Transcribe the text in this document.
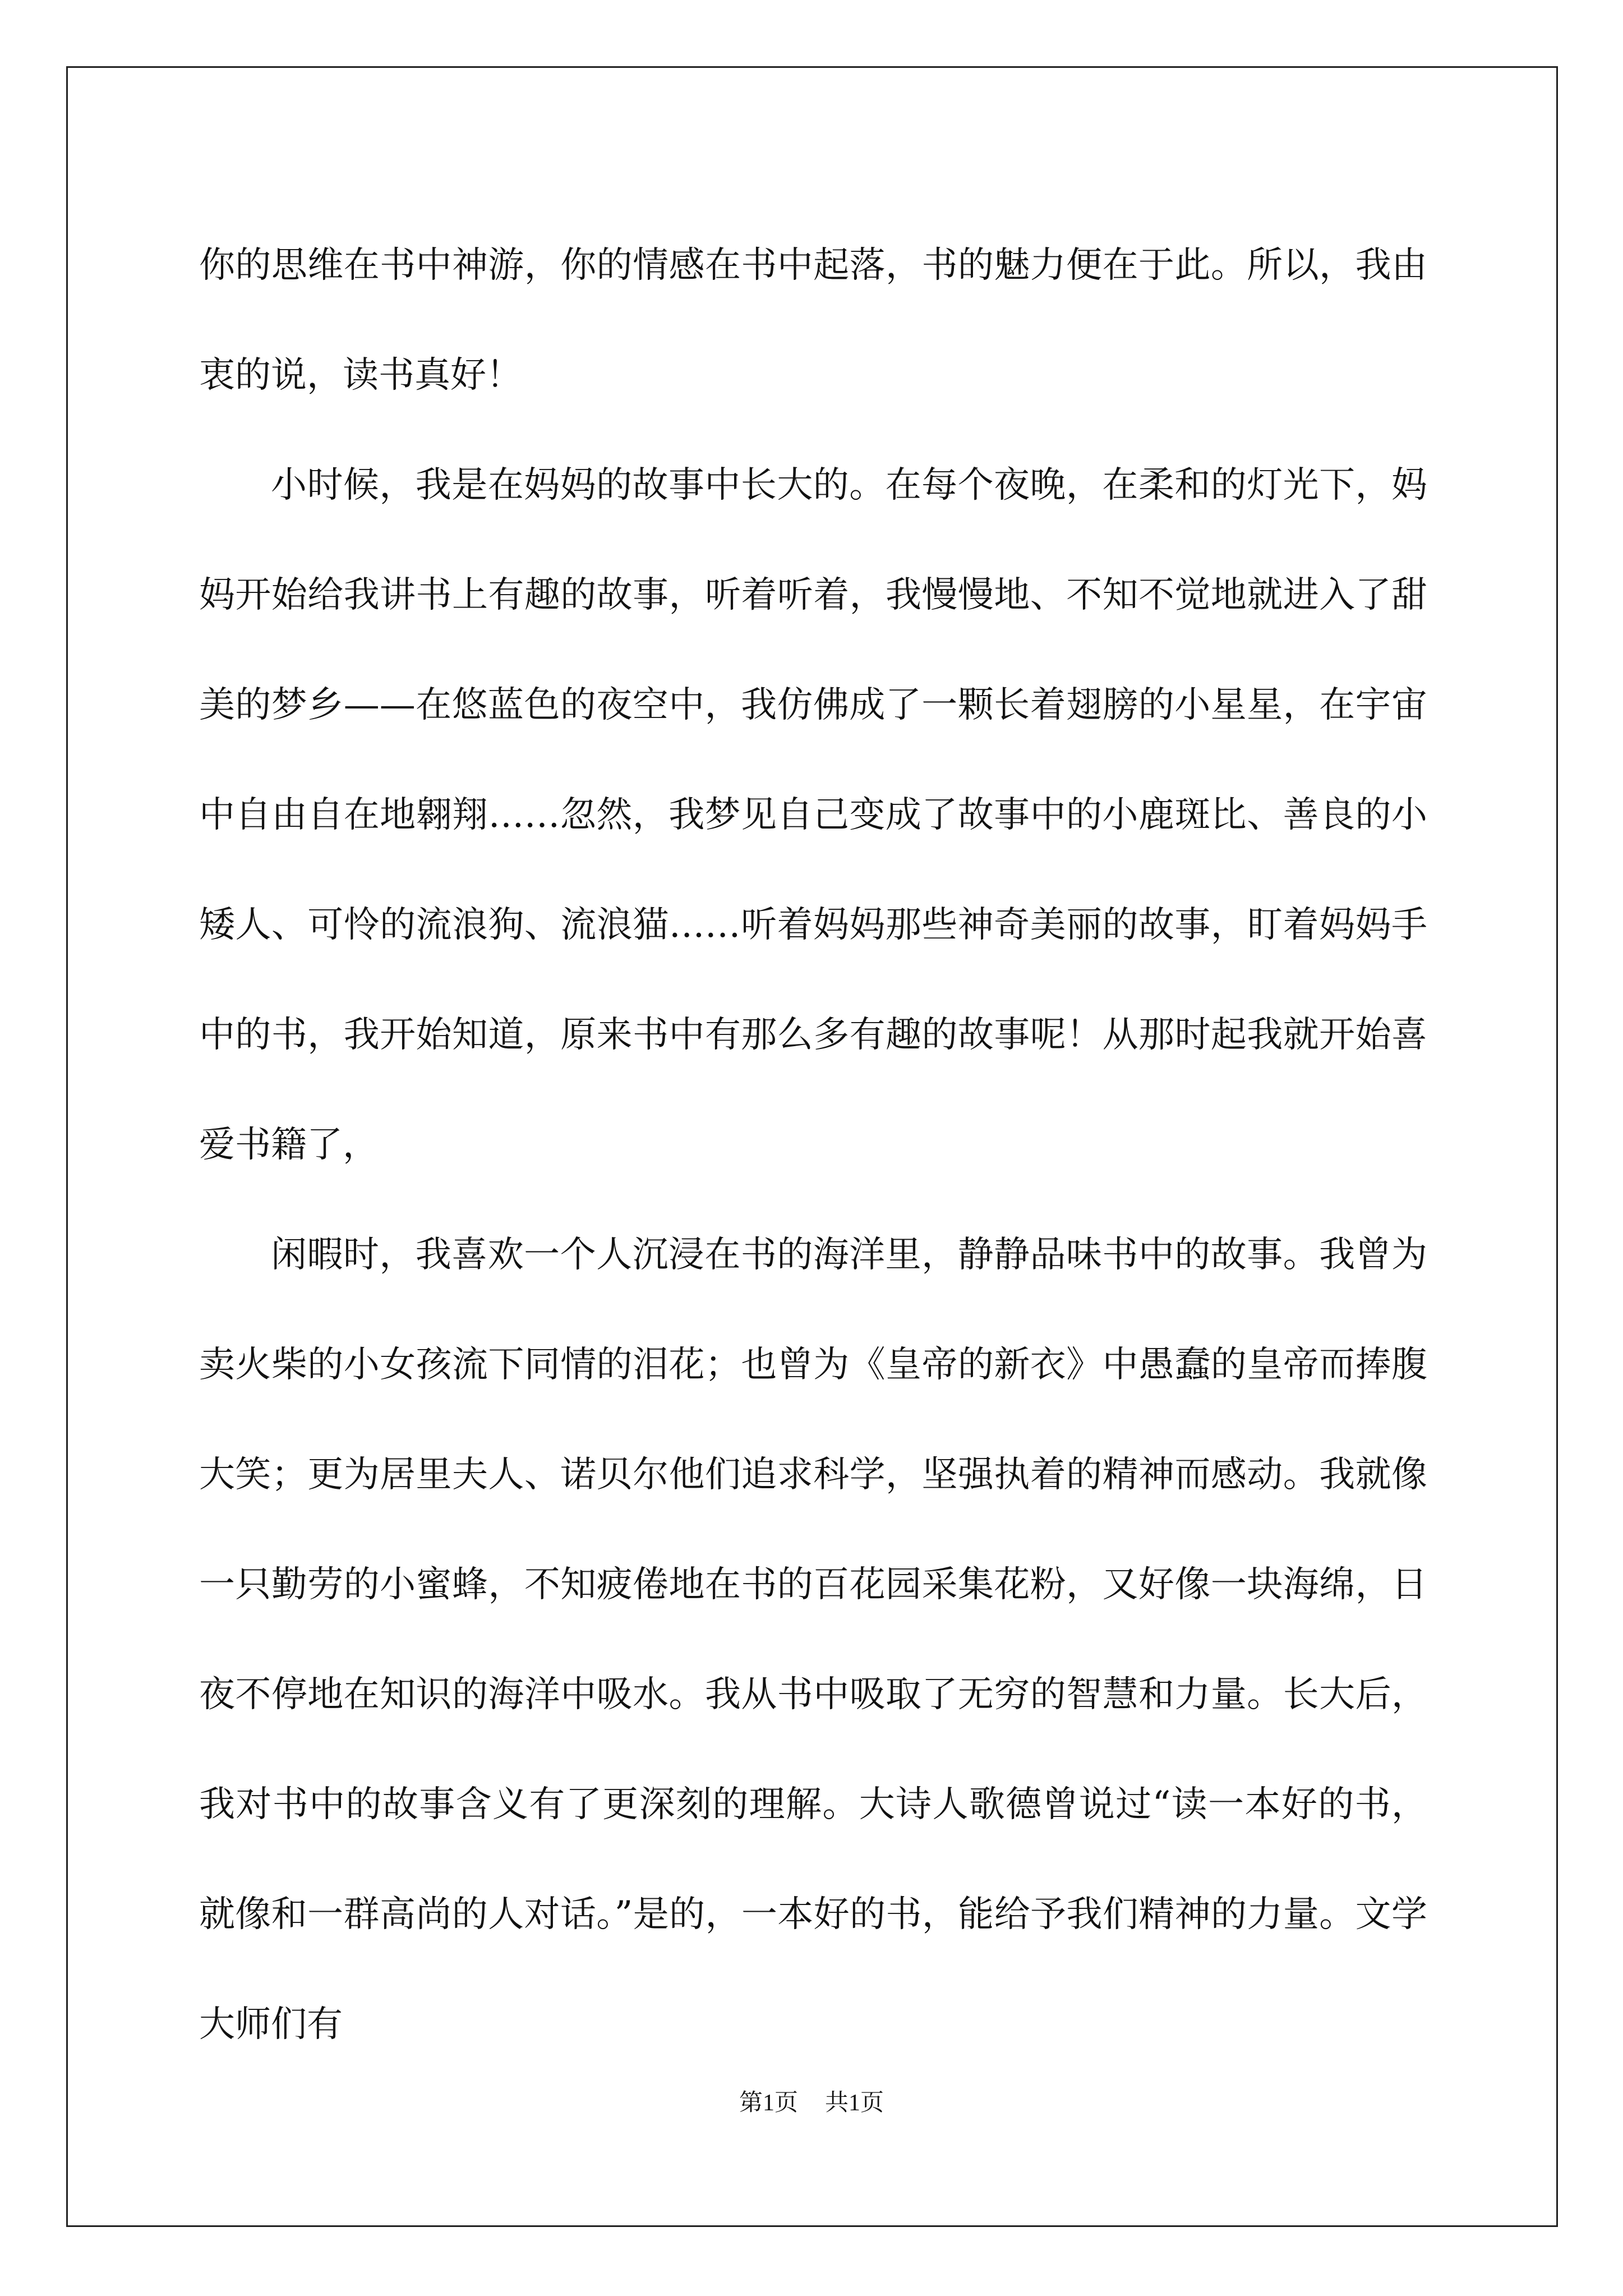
你的思维在书中神游，你的情感在书中起落，书的魅力便在于此。所以，我由衷的说，读书真好！

小时候，我是在妈妈的故事中长大的。在每个夜晚，在柔和的灯光下，妈妈开始给我讲书上有趣的故事，听着听着，我慢慢地、不知不觉地就进入了甜美的梦乡——在悠蓝色的夜空中，我仿佛成了一颗长着翅膀的小星星，在宇宙中自由自在地翱翔……忽然，我梦见自己变成了故事中的小鹿斑比、善良的小矮人、可怜的流浪狗、流浪猫……听着妈妈那些神奇美丽的故事，盯着妈妈手中的书，我开始知道，原来书中有那么多有趣的故事呢！从那时起我就开始喜爱书籍了，

闲暇时，我喜欢一个人沉浸在书的海洋里，静静品味书中的故事。我曾为卖火柴的小女孩流下同情的泪花；也曾为《皇帝的新衣》中愚蠢的皇帝而捧腹大笑；更为居里夫人、诺贝尔他们追求科学，坚强执着的精神而感动。我就像一只勤劳的小蜜蜂，不知疲倦地在书的百花园采集花粉，又好像一块海绵，日夜不停地在知识的海洋中吸水。我从书中吸取了无穷的智慧和力量。长大后，我对书中的故事含义有了更深刻的理解。大诗人歌德曾说过“读一本好的书，就像和一群高尚的人对话。”是的，一本好的书，能给予我们精神的力量。文学大师们有

第1页 共1页
